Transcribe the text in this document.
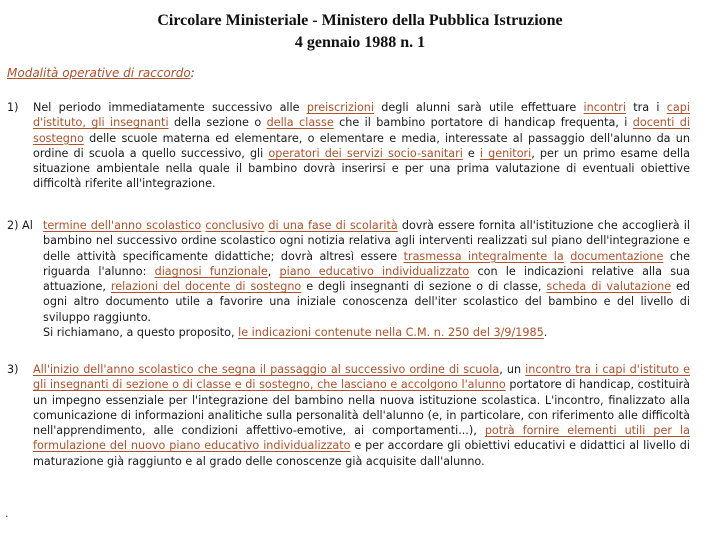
Circolare Ministeriale - Ministero della Pubblica Istruzione
4 gennaio 1988 n. 1
Modalità operative di raccordo:
1)	Nel periodo immediatamente successivo alle preiscrizioni degli alunni sarà utile effettuare incontri tra i capi d'istituto, gli insegnanti della sezione o della classe che il bambino portatore di handicap frequenta, i docenti di sostegno delle scuole materna ed elementare, o elementare e media, interessate al passaggio dell'alunno da un ordine di scuola a quello successivo, gli operatori dei servizi socio-sanitari e i genitori, per un primo esame della situazione ambientale nella quale il bambino dovrà inserirsi e per una prima valutazione di eventuali obiettive difficoltà riferite all'integrazione.
2) Al termine dell'anno scolastico conclusivo di una fase di scolarità dovrà essere fornita all'istituzione che accoglierà il bambino nel successivo ordine scolastico ogni notizia relativa agli interventi realizzati sul piano dell'integrazione e delle attività specificamente didattiche; dovrà altresì essere trasmessa integralmente la documentazione che riguarda l'alunno: diagnosi funzionale, piano educativo individualizzato con le indicazioni relative alla sua attuazione, relazioni del docente di sostegno e degli insegnanti di sezione o di classe, scheda di valutazione ed ogni altro documento utile a favorire una iniziale conoscenza dell'iter scolastico del bambino e del livello di sviluppo raggiunto.
Si richiamano, a questo proposito, le indicazioni contenute nella C.M. n. 250 del 3/9/1985.
3)	All'inizio dell'anno scolastico che segna il passaggio al successivo ordine di scuola, un incontro tra i capi d'istituto e gli insegnanti di sezione o di classe e di sostegno, che lasciano e accolgono l'alunno portatore di handicap, costituirà un impegno essenziale per l'integrazione del bambino nella nuova istituzione scolastica. L'incontro, finalizzato alla comunicazione di informazioni analitiche sulla personalità dell'alunno (e, in particolare, con riferimento alle difficoltà nell'apprendimento, alle condizioni affettivo-emotive, ai comportamenti...), potrà fornire elementi utili per la formulazione del nuovo piano educativo individualizzato e per accordare gli obiettivi educativi e didattici al livello di maturazione già raggiunto e al grado delle conoscenze già acquisite dall'alunno.
.
